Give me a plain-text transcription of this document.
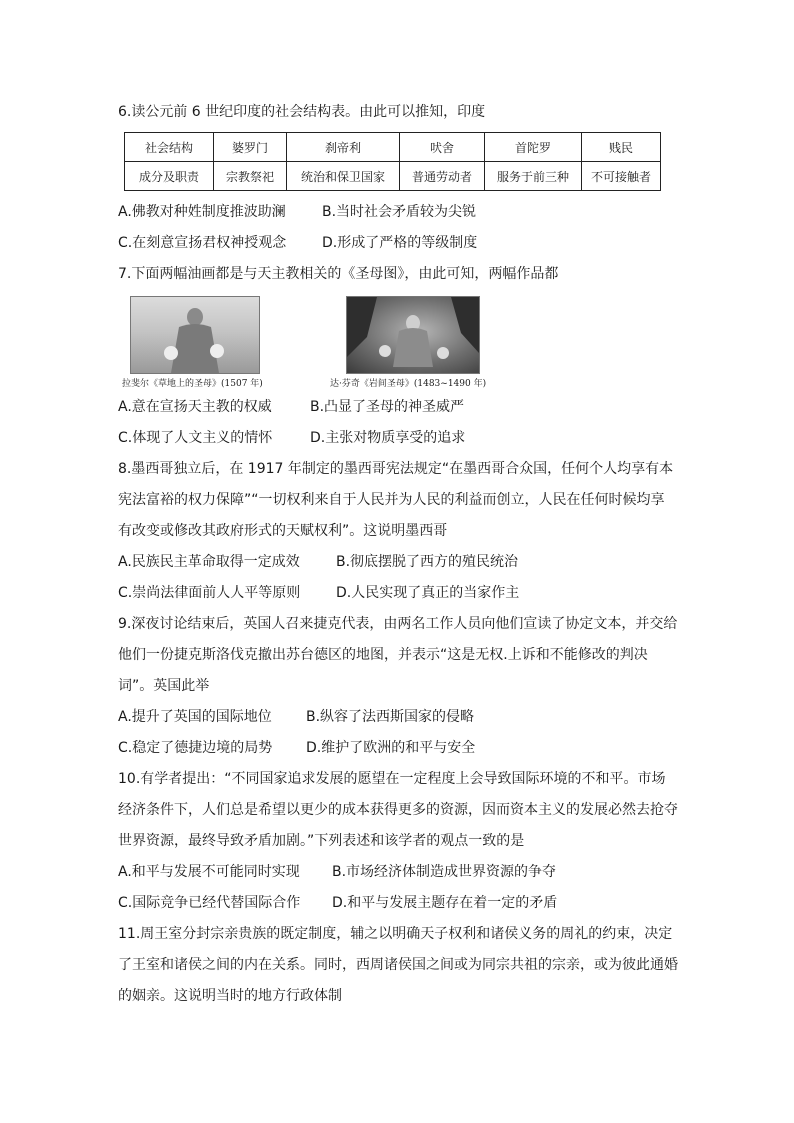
6.读公元前 6 世纪印度的社会结构表。由此可以推知，印度

社会结构	婆罗门	刹帝利	吠舍	首陀罗	贱民
成分及职责	宗教祭祀	统治和保卫国家	普通劳动者	服务于前三种	不可接触者
A.佛教对种姓制度推波助澜	B.当时社会矛盾较为尖锐
C.在刻意宣扬君权神授观念	D.形成了严格的等级制度

7.下面两幅油画都是与天主教相关的《圣母图》，由此可知，两幅作品都

拉斐尔《草地上的圣母》(1507 年)	达·芬奇《岩间圣母》(1483~1490 年)
A.意在宣扬天主教的权威	B.凸显了圣母的神圣威严
C.体现了人文主义的情怀	D.主张对物质享受的追求

8.墨西哥独立后，在 1917 年制定的墨西哥宪法规定“在墨西哥合众国，任何个人均享有本

宪法富裕的权力保障”“一切权利来自于人民并为人民的利益而创立，人民在任何时候均享

有改变或修改其政府形式的天赋权利”。这说明墨西哥

A.民族民主革命取得一定成效	B.彻底摆脱了西方的殖民统治
C.崇尚法律面前人人平等原则	D.人民实现了真正的当家作主

9.深夜讨论结束后，英国人召来捷克代表，由两名工作人员向他们宣读了协定文本，并交给

他们一份捷克斯洛伐克撤出苏台德区的地图，并表示“这是无权.上诉和不能修改的判决

词”。英国此举

A.提升了英国的国际地位	B.纵容了法西斯国家的侵略
C.稳定了德捷边境的局势	D.维护了欧洲的和平与安全

10.有学者提出：“不同国家追求发展的愿望在一定程度上会导致国际环境的不和平。市场

经济条件下，人们总是希望以更少的成本获得更多的资源，因而资本主义的发展必然去抢夺

世界资源，最终导致矛盾加剧。”下列表述和该学者的观点一致的是

A.和平与发展不可能同时实现	B.市场经济体制造成世界资源的争夺
C.国际竞争已经代替国际合作	D.和平与发展主题存在着一定的矛盾

11.周王室分封宗亲贵族的既定制度，辅之以明确天子权利和诸侯义务的周礼的约束，决定

了王室和诸侯之间的内在关系。同时，西周诸侯国之间或为同宗共祖的宗亲，或为彼此通婚

的姻亲。这说明当时的地方行政体制
